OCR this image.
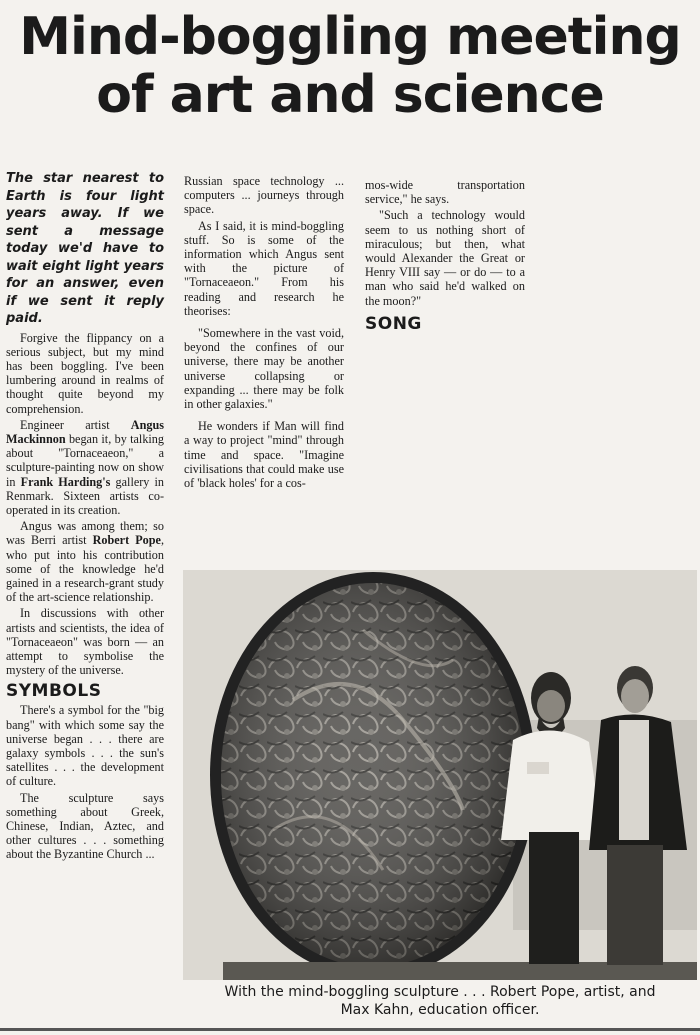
Mind-boggling meeting
of art and science
The star nearest to Earth is four light years away. If we sent a message today we'd have to wait eight light years for an answer, even if we sent it reply paid.

Forgive the flippancy on a serious subject, but my mind has been boggling. I've been lumbering around in realms of thought quite beyond my comprehension.

Engineer artist Angus Mackinnon began it, by talking about "Tornaceaeon," a sculpture-painting now on show in Frank Harding's gallery in Renmark. Sixteen artists co-operated in its creation.

Angus was among them; so was Berri artist Robert Pope, who put into his contribution some of the knowledge he'd gained in a research-grant study of the art-science relationship.

In discussions with other artists and scientists, the idea of "Tornaceaeon" was born — an attempt to symbolise the mystery of the universe.

SYMBOLS

There's a symbol for the "big bang" with which some say the universe began . . . there are galaxy symbols . . . the sun's satellites . . . the development of culture.

The sculpture says something about Greek, Chinese, Indian, Aztec, and other cultures . . . something about the Byzantine Church ...

Russian space technology ... computers ... journeys through space.

As I said, it is mind-boggling stuff. So is some of the information which Angus sent with the picture of "Tornaceaeon." From his reading and research he theorises:

"Somewhere in the vast void, beyond the confines of our universe, there may be another universe collapsing or expanding ... there may be folk in other galaxies."

He wonders if Man will find a way to project "mind" through time and space. "Imagine civilisations that could make use of 'black holes' for a cos-

mos-wide transportation service," he says.

"Such a technology would seem to us nothing short of miraculous; but then, what would Alexander the Great or Henry VIII say — or do — to a man who said he'd walked on the moon?"

SONG
With the mind-boggling sculpture . . . Robert Pope, artist, and
Max Kahn, education officer.
